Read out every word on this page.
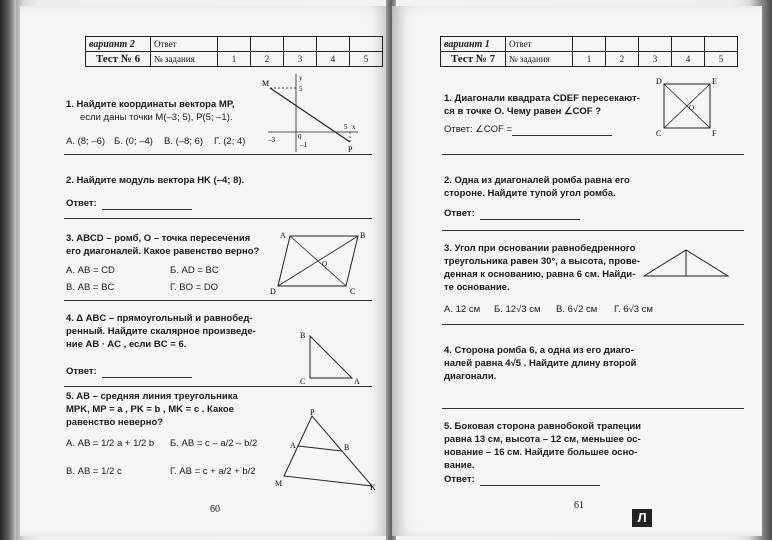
вариант 2	Ответ					
Тест № 6	№ задания	1	2	3	4	5
1. Найдите координаты вектора MP,
если даны точки M(–3; 5), P(5; –1).
А. (8; –6) Б. (0; –4) В. (–8; 6) Г. (2; 4)
M
P
y
x
5
–3
–1
5
0
2. Найдите модуль вектора HK (–4; 8).
Ответ:
3. ABCD – ромб, O – точка пересечения
его диагоналей. Какое равенство верно?
А. AB = CD	Б. AD = BC
В. AB = BC	Г. BO = DO
A	B
C
D
O
4. Δ ABC – прямоугольный и равнобед-
ренный. Найдите скалярное произведе-
ние AB · AC , если BC = 6.
Ответ:
B
C	A
5. AB – средняя линия треугольника
MPK, MP = a , PK = b , MK = c . Какое
равенство неверно?
А. AB = 1/2 a + 1/2 b Б. AB = c – a/2 – b/2
В. AB = 1/2 c	Г. AB = c + a/2 + b/2
P
M	K
A	B
60
вариант 1	Ответ					
Тест № 7	№ задания	1	2	3	4	5
1. Диагонали квадрата CDEF пересекают-
ся в точке O. Чему равен ∠COF ?
Ответ: ∠COF =
D	E
C	F
O
2. Одна из диагоналей ромба равна его
стороне. Найдите тупой угол ромба.
Ответ:
3. Угол при основании равнобедренного
треугольника равен 30°, а высота, прове-
денная к основанию, равна 6 см. Найди-
те основание.
А. 12 см Б. 12√3 см В. 6√2 см Г. 6√3 см
4. Сторона ромба 6, а одна из его диаго-
налей равна 4√5 . Найдите длину второй
диагонали.
5. Боковая сторона равнобокой трапеции
равна 13 см, высота – 12 см, меньшее ос-
нование – 16 см. Найдите большее осно-
вание.
Ответ:
61
Л
